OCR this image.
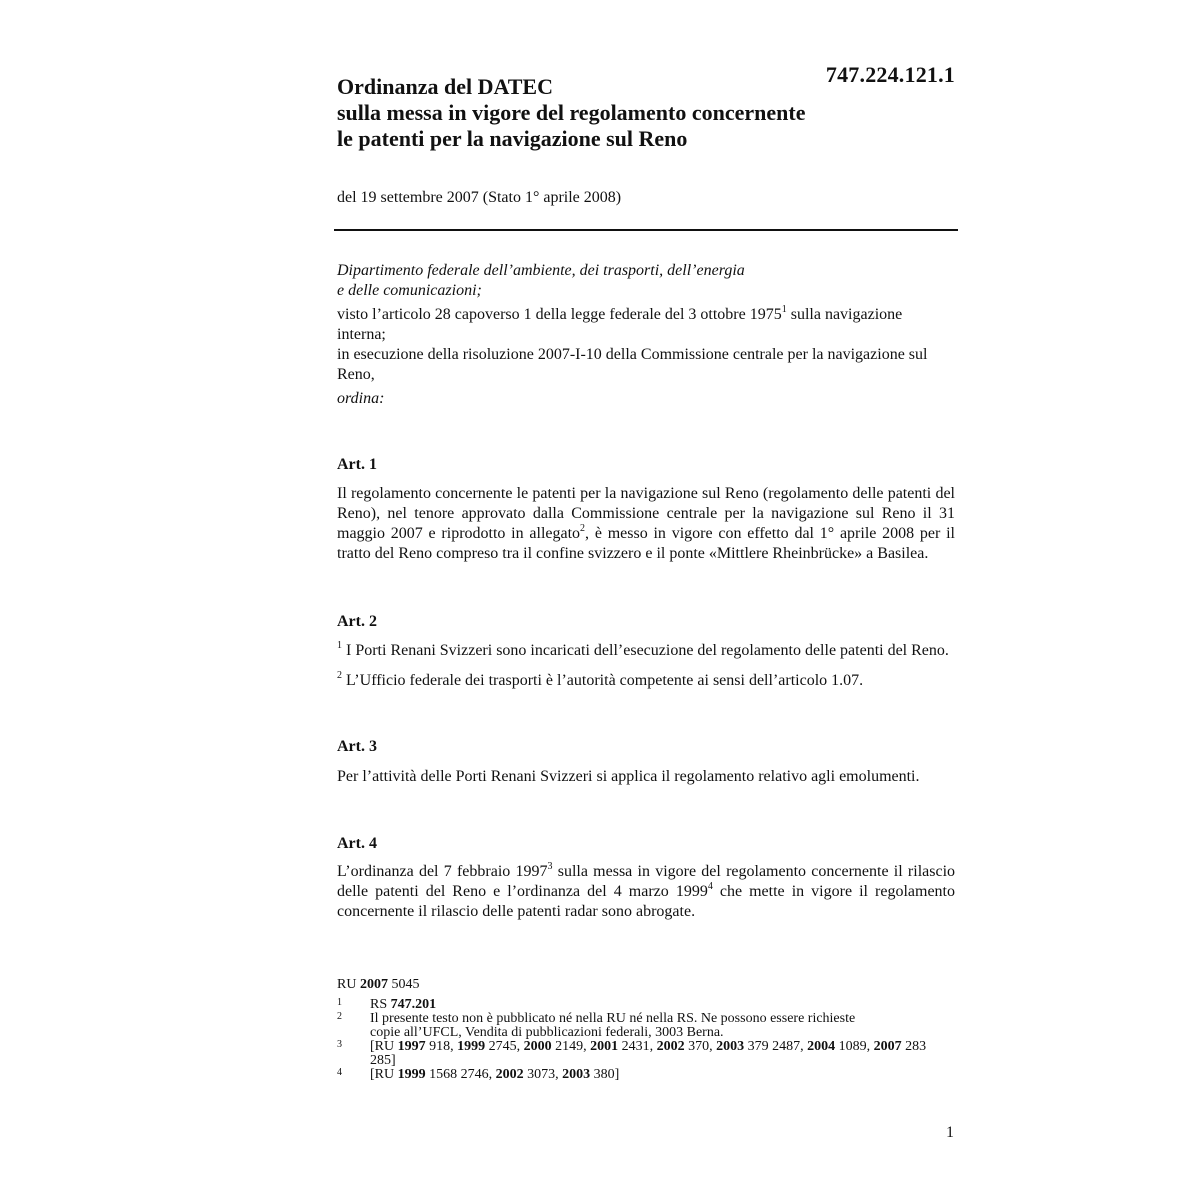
747.224.121.1
Ordinanza del DATEC
sulla messa in vigore del regolamento concernente
le patenti per la navigazione sul Reno
del 19 settembre 2007 (Stato 1° aprile 2008)
Dipartimento federale dell’ambiente, dei trasporti, dell’energia
e delle comunicazioni;
visto l’articolo 28 capoverso 1 della legge federale del 3 ottobre 1975$^1$ sulla navigazione interna;
in esecuzione della risoluzione 2007-I-10 della Commissione centrale per la navigazione sul Reno,
ordina:
Art. 1

Il regolamento concernente le patenti per la navigazione sul Reno (regolamento delle patenti del Reno), nel tenore approvato dalla Commissione centrale per la navigazione sul Reno il 31 maggio 2007 e riprodotto in allegato$^2$, è messo in vigore con effetto dal 1° aprile 2008 per il tratto del Reno compreso tra il confine svizzero e il ponte «Mittlere Rheinbrücke» a Basilea.

Art. 2

$^1$ I Porti Renani Svizzeri sono incaricati dell’esecuzione del regolamento delle patenti del Reno.

$^2$ L’Ufficio federale dei trasporti è l’autorità competente ai sensi dell’articolo 1.07.

Art. 3

Per l’attività delle Porti Renani Svizzeri si applica il regolamento relativo agli emolumenti.

Art. 4

L’ordinanza del 7 febbraio 1997$^3$ sulla messa in vigore del regolamento concernente il rilascio delle patenti del Reno e l’ordinanza del 4 marzo 1999$^4$ che mette in vigore il regolamento concernente il rilascio delle patenti radar sono abrogate.

RU 2007 5045
1 RS 747.201
2 Il presente testo non è pubblicato né nella RU né nella RS. Ne possono essere richieste
copie all’UFCL, Vendita di pubblicazioni federali, 3003 Berna.
3 [RU 1997 918, 1999 2745, 2000 2149, 2001 2431, 2002 370, 2003 379 2487, 2004 1089, 2007 283 285]
4 [RU 1999 1568 2746, 2002 3073, 2003 380]
1
